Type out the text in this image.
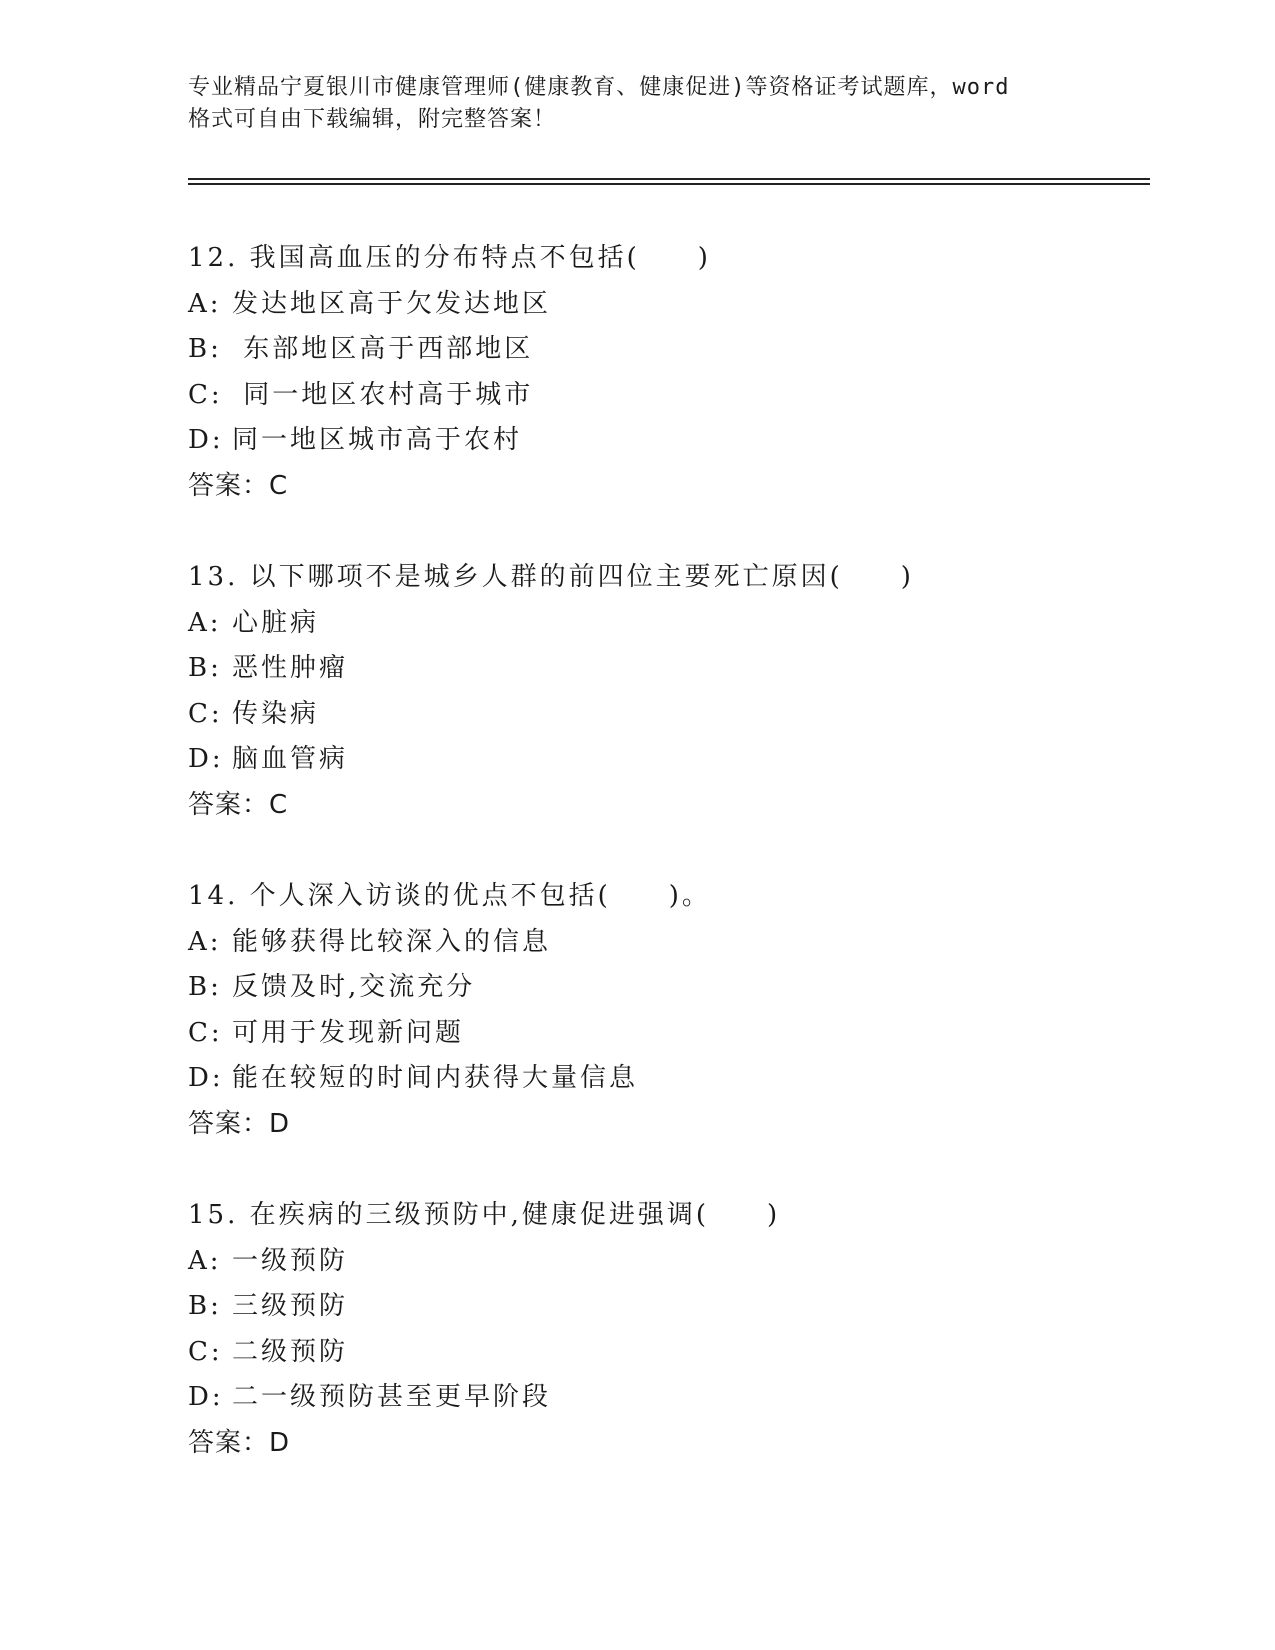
专业精品宁夏银川市健康管理师(健康教育、健康促进)等资格证考试题库，word
格式可自由下载编辑，附完整答案！
12. 我国高血压的分布特点不包括(　　)
A: 发达地区高于欠发达地区
B: 东部地区高于西部地区
C: 同一地区农村高于城市
D: 同一地区城市高于农村
答案：C
13. 以下哪项不是城乡人群的前四位主要死亡原因(　　)
A: 心脏病
B: 恶性肿瘤
C: 传染病
D: 脑血管病
答案：C
14. 个人深入访谈的优点不包括(　　)。
A: 能够获得比较深入的信息
B: 反馈及时,交流充分
C: 可用于发现新问题
D: 能在较短的时间内获得大量信息
答案：D
15. 在疾病的三级预防中,健康促进强调(　　)
A: 一级预防
B: 三级预防
C: 二级预防
D: 二一级预防甚至更早阶段
答案：D
